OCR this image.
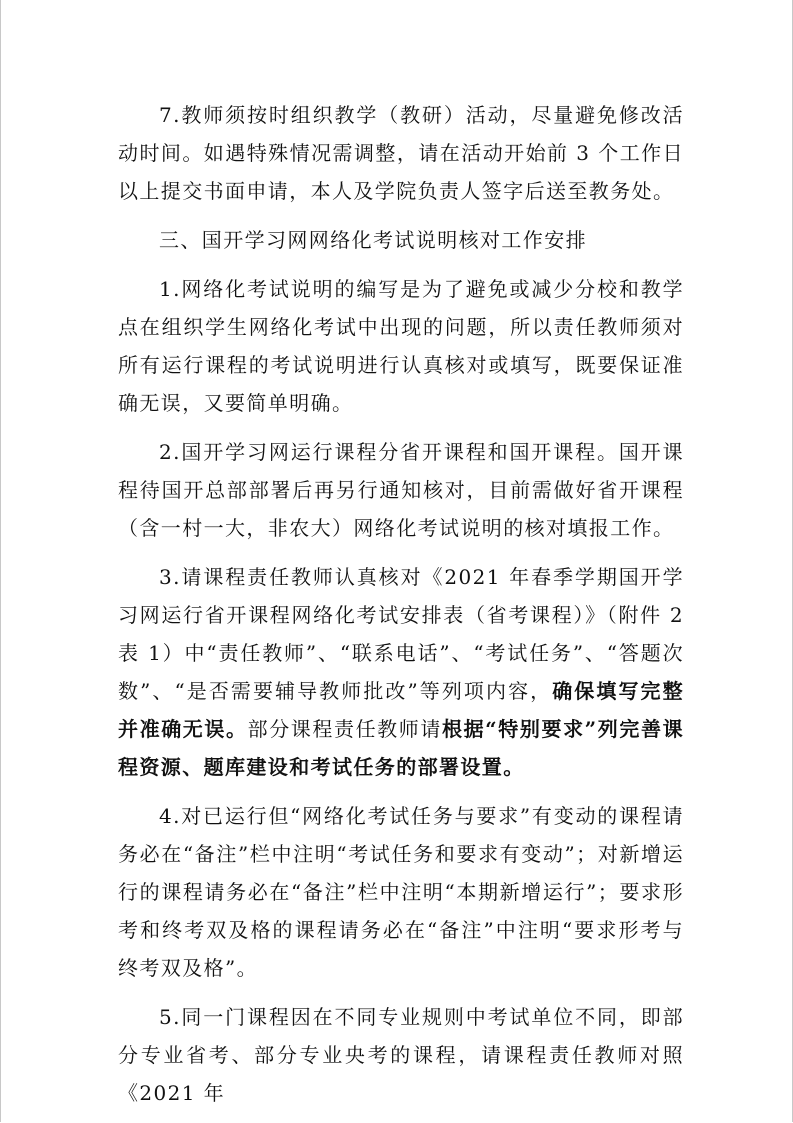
7.教师须按时组织教学（教研）活动，尽量避免修改活动时间。如遇特殊情况需调整，请在活动开始前 3 个工作日以上提交书面申请，本人及学院负责人签字后送至教务处。

三、国开学习网网络化考试说明核对工作安排

1.网络化考试说明的编写是为了避免或减少分校和教学点在组织学生网络化考试中出现的问题，所以责任教师须对所有运行课程的考试说明进行认真核对或填写，既要保证准确无误，又要简单明确。

2.国开学习网运行课程分省开课程和国开课程。国开课程待国开总部部署后再另行通知核对，目前需做好省开课程（含一村一大，非农大）网络化考试说明的核对填报工作。

3.请课程责任教师认真核对《2021 年春季学期国开学习网运行省开课程网络化考试安排表（省考课程）》（附件 2 表 1）中“责任教师”、“联系电话”、“考试任务”、“答题次数”、“是否需要辅导教师批改”等列项内容，确保填写完整并准确无误。部分课程责任教师请根据“特别要求”列完善课程资源、题库建设和考试任务的部署设置。

4.对已运行但“网络化考试任务与要求”有变动的课程请务必在“备注”栏中注明“考试任务和要求有变动”；对新增运行的课程请务必在“备注”栏中注明“本期新增运行”；要求形考和终考双及格的课程请务必在“备注”中注明“要求形考与终考双及格”。

5.同一门课程因在不同专业规则中考试单位不同，即部分专业省考、部分专业央考的课程，请课程责任教师对照《2021 年
